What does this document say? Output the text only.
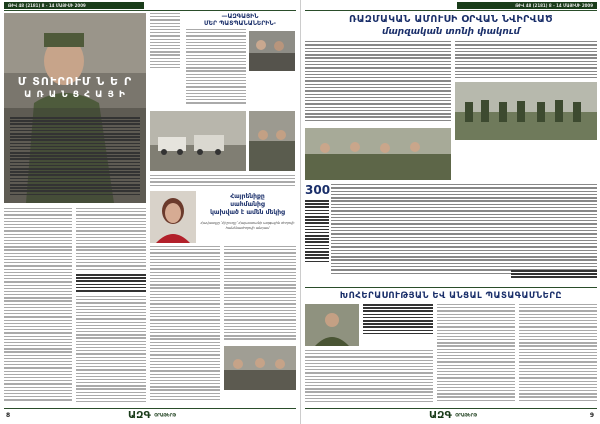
ԹԻՎ 48 (2181) 8 - 14 ՄԱՅԻՍԻ 2009
Մ ՏՈՒՐՈՒՄ Ն Ե Ր
Ա Ռ Ա Ն Ց Հ Ա Յ Ի
—ԱԶԳԱՅԻՆ
ՄԵՐ ՊԱՏՊԱՆԱՆԵՐԻՆ-
Հայրենիքը
սահմանից
կախված է ամեն մեկից
Հավատքը ՝Հիշուղը՝ Հայաստանի ազգային ժողովի հանձնաժողովի անդամ
8	ԱԶԳ ՕՐԱԹԵՐԹ
ԹԻՎ 48 (2181) 8 - 14 ՄԱՅԻՍԻ 2009
ՌԱԶՄԱԿԱՆ ԱՄՈՒՍԻ ՕՐՎԱՆ ՆՎԻՐՎԱԾ
մարզական տոնի փակում
300
ԽՈՀԵՐԱՍՈՒԹՅԱՆ ԵՎ ԱՆՑԱԼ ՊԱՏԱԳԱՄՆԵՐԸ
ԱԶԳ ՕՐԱԹԵՐԹ	9
